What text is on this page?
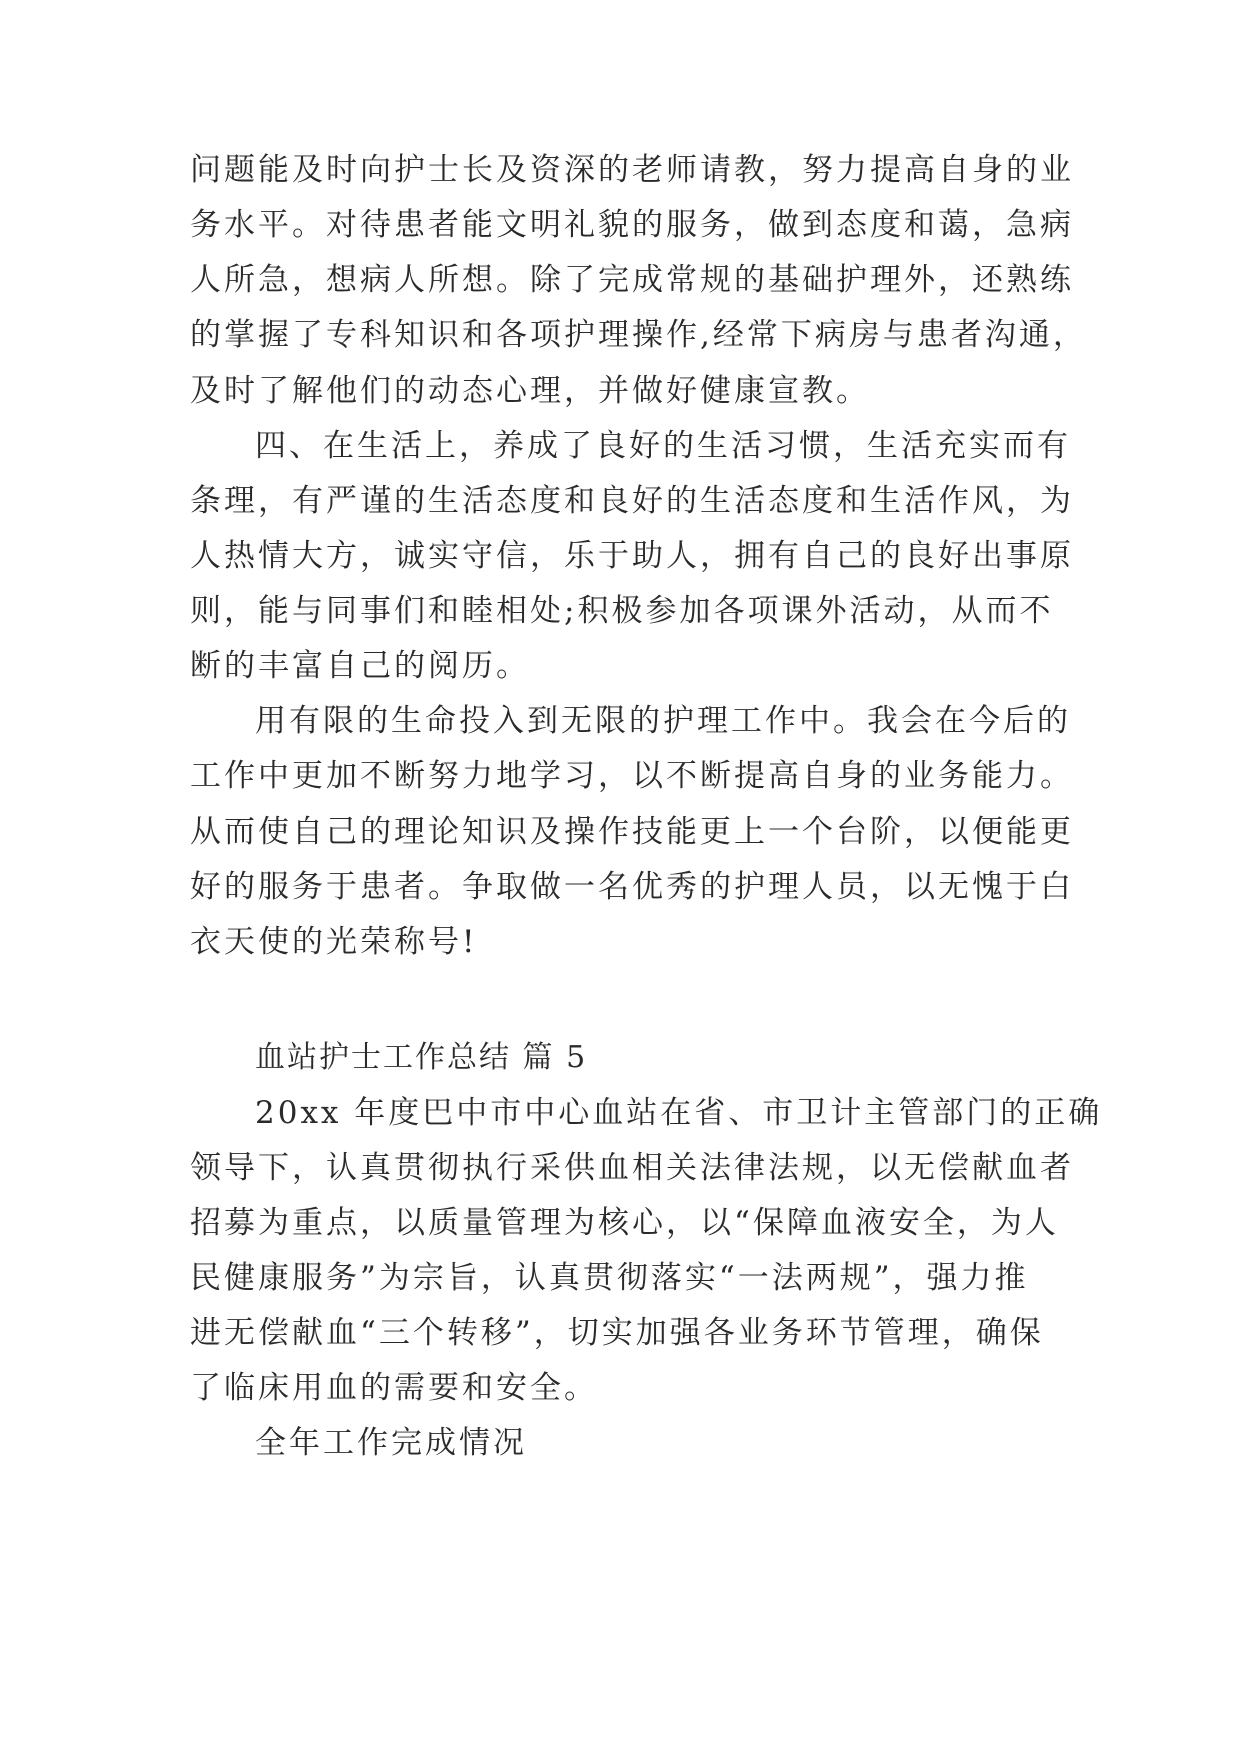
问题能及时向护士长及资深的老师请教，努力提高自身的业

务水平。对待患者能文明礼貌的服务，做到态度和蔼，急病

人所急，想病人所想。除了完成常规的基础护理外，还熟练

的掌握了专科知识和各项护理操作,经常下病房与患者沟通，

及时了解他们的动态心理，并做好健康宣教。

四、在生活上，养成了良好的生活习惯，生活充实而有

条理，有严谨的生活态度和良好的生活态度和生活作风，为

人热情大方，诚实守信，乐于助人，拥有自己的良好出事原

则，能与同事们和睦相处;积极参加各项课外活动，从而不

断的丰富自己的阅历。

用有限的生命投入到无限的护理工作中。我会在今后的

工作中更加不断努力地学习，以不断提高自身的业务能力。

从而使自己的理论知识及操作技能更上一个台阶，以便能更

好的服务于患者。争取做一名优秀的护理人员，以无愧于白

衣天使的光荣称号!

血站护士工作总结 篇 5

20xx 年度巴中市中心血站在省、市卫计主管部门的正确

领导下，认真贯彻执行采供血相关法律法规，以无偿献血者

招募为重点，以质量管理为核心，以“保障血液安全，为人

民健康服务”为宗旨，认真贯彻落实“一法两规”，强力推

进无偿献血“三个转移”，切实加强各业务环节管理，确保

了临床用血的需要和安全。

全年工作完成情况
